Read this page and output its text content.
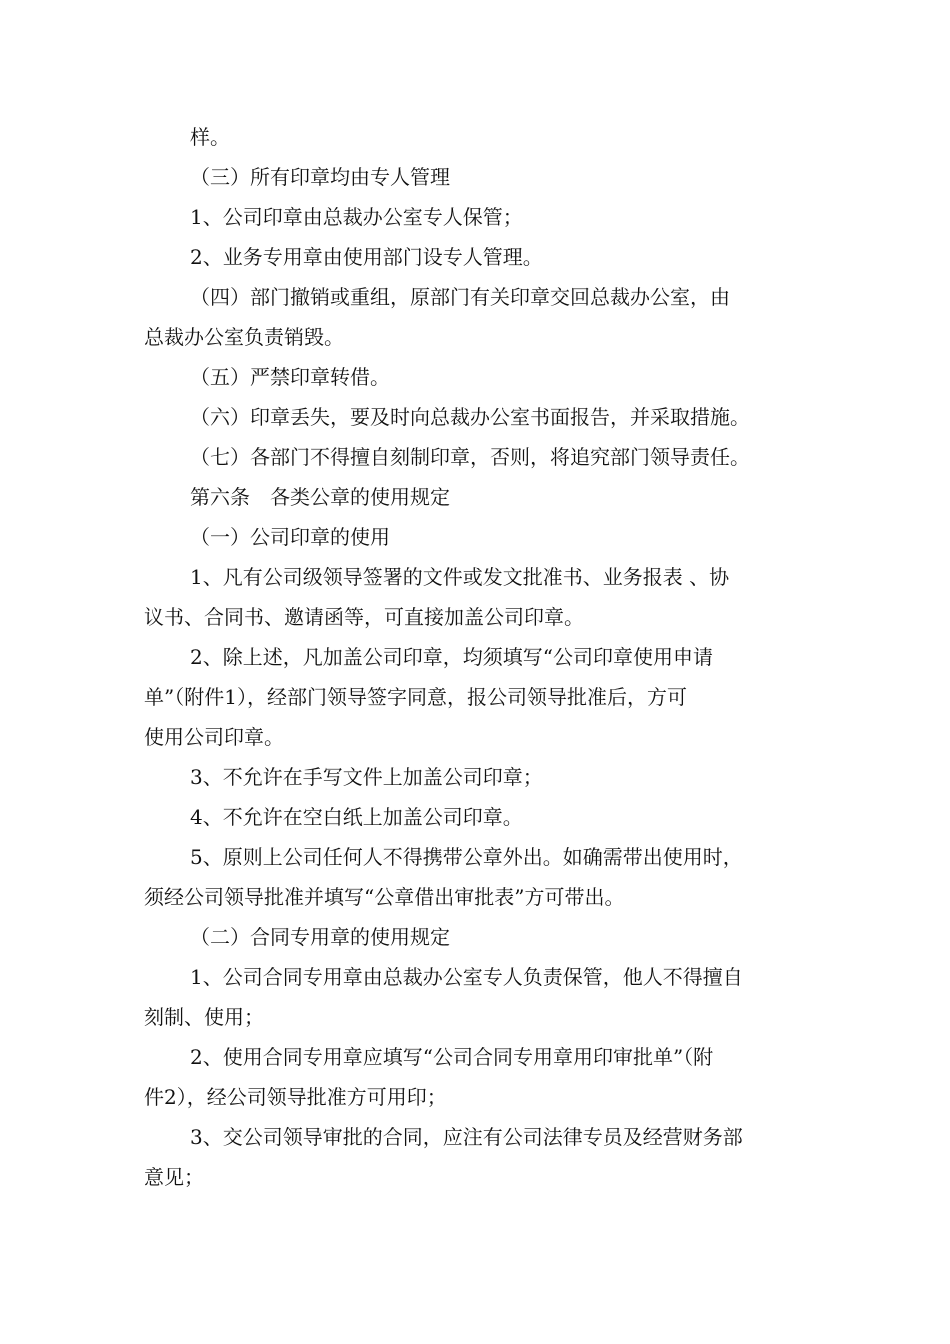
样。

（三）所有印章均由专人管理

1、公司印章由总裁办公室专人保管；

2、业务专用章由使用部门设专人管理。

（四）部门撤销或重组，原部门有关印章交回总裁办公室，由

总裁办公室负责销毁。

（五）严禁印章转借。

（六）印章丢失，要及时向总裁办公室书面报告，并采取措施。

（七）各部门不得擅自刻制印章，否则，将追究部门领导责任。

第六条　各类公章的使用规定

（一）公司印章的使用

1、凡有公司级领导签署的文件或发文批准书、业务报表 、协

议书、合同书、邀请函等，可直接加盖公司印章。

2、除上述，凡加盖公司印章，均须填写“公司印章使用申请

单”（附件1），经部门领导签字同意，报公司领导批准后，方可

使用公司印章。

3、不允许在手写文件上加盖公司印章；

4、不允许在空白纸上加盖公司印章。

5、原则上公司任何人不得携带公章外出。如确需带出使用时，

须经公司领导批准并填写“公章借出审批表”方可带出。

（二）合同专用章的使用规定

1、公司合同专用章由总裁办公室专人负责保管，他人不得擅自

刻制、使用；

2、使用合同专用章应填写“公司合同专用章用印审批单”（附

件2），经公司领导批准方可用印；

3、交公司领导审批的合同，应注有公司法律专员及经营财务部

意见；
